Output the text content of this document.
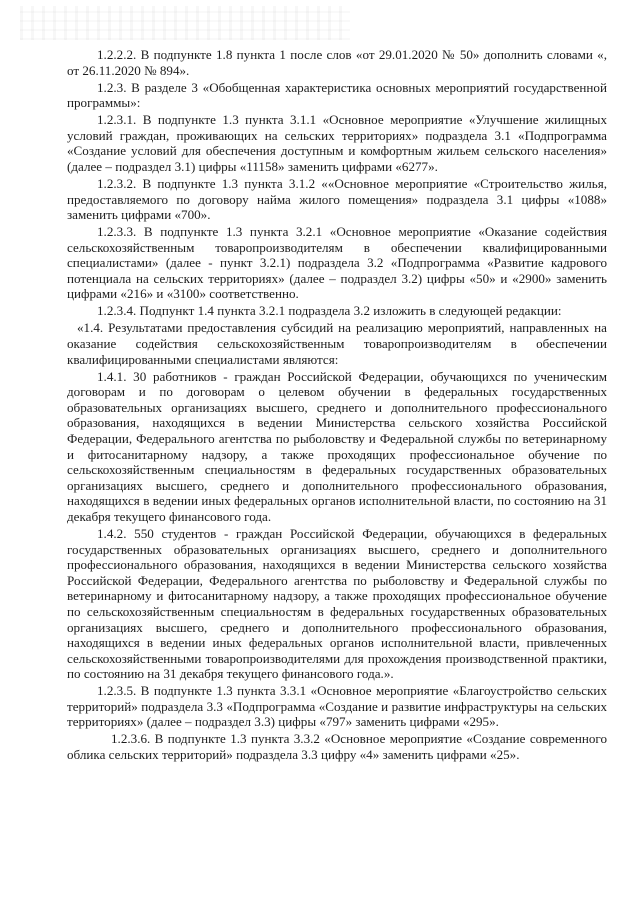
1.2.2.2. В подпункте 1.8 пункта 1 после слов «от 29.01.2020 № 50» дополнить словами «, от 26.11.2020 № 894».

1.2.3. В разделе 3 «Обобщенная характеристика основных мероприятий государственной программы»:

1.2.3.1. В подпункте 1.3 пункта 3.1.1 «Основное мероприятие «Улучшение жилищных условий граждан, проживающих на сельских территориях» подраздела 3.1 «Подпрограмма «Создание условий для обеспечения доступным и комфортным жильем сельского населения» (далее – подраздел 3.1) цифры «11158» заменить цифрами «6277».

1.2.3.2. В подпункте 1.3 пункта 3.1.2 ««Основное мероприятие «Строительство жилья, предоставляемого по договору найма жилого помещения» подраздела 3.1 цифры «1088» заменить цифрами «700».

1.2.3.3. В подпункте 1.3 пункта 3.2.1 «Основное мероприятие «Оказание содействия сельскохозяйственным товаропроизводителям в обеспечении квалифицированными специалистами» (далее - пункт 3.2.1) подраздела 3.2 «Подпрограмма «Развитие кадрового потенциала на сельских территориях» (далее – подраздел 3.2) цифры «50» и «2900» заменить цифрами «216» и «3100» соответственно.

1.2.3.4. Подпункт 1.4 пункта 3.2.1 подраздела 3.2 изложить в следующей редакции:

«1.4. Результатами предоставления субсидий на реализацию мероприятий, направленных на оказание содействия сельскохозяйственным товаропроизводителям в обеспечении квалифицированными специалистами являются:

1.4.1. 30 работников - граждан Российской Федерации, обучающихся по ученическим договорам и по договорам о целевом обучении в федеральных государственных образовательных организациях высшего, среднего и дополнительного профессионального образования, находящихся в ведении Министерства сельского хозяйства Российской Федерации, Федерального агентства по рыболовству и Федеральной службы по ветеринарному и фитосанитарному надзору, а также проходящих профессиональное обучение по сельскохозяйственным специальностям в федеральных государственных образовательных организациях высшего, среднего и дополнительного профессионального образования, находящихся в ведении иных федеральных органов исполнительной власти, по состоянию на 31 декабря текущего финансового года.

1.4.2. 550 студентов - граждан Российской Федерации, обучающихся в федеральных государственных образовательных организациях высшего, среднего и дополнительного профессионального образования, находящихся в ведении Министерства сельского хозяйства Российской Федерации, Федерального агентства по рыболовству и Федеральной службы по ветеринарному и фитосанитарному надзору, а также проходящих профессиональное обучение по сельскохозяйственным специальностям в федеральных государственных образовательных организациях высшего, среднего и дополнительного профессионального образования, находящихся в ведении иных федеральных органов исполнительной власти, привлеченных сельскохозяйственными товаропроизводителями для прохождения производственной практики, по состоянию на 31 декабря текущего финансового года.».

1.2.3.5. В подпункте 1.3 пункта 3.3.1 «Основное мероприятие «Благоустройство сельских территорий» подраздела 3.3 «Подпрограмма «Создание и развитие инфраструктуры на сельских территориях» (далее – подраздел 3.3) цифры «797» заменить цифрами «295».

1.2.3.6. В подпункте 1.3 пункта 3.3.2 «Основное мероприятие «Создание современного облика сельских территорий» подраздела 3.3 цифру «4» заменить цифрами «25».
